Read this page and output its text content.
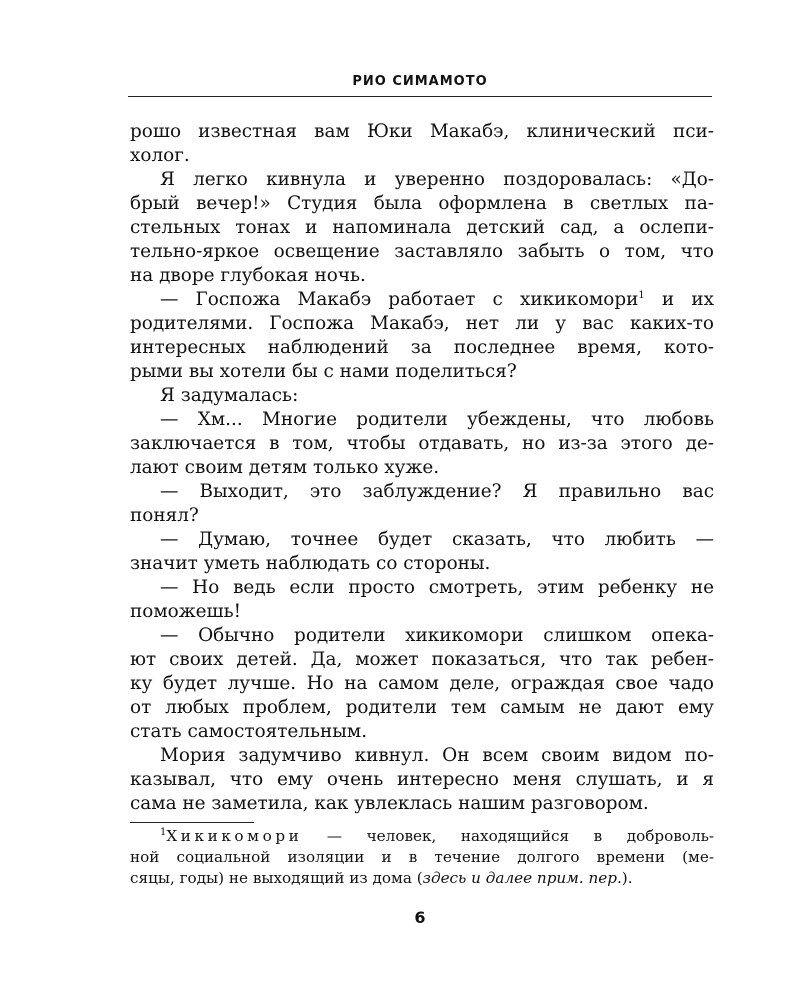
РИО СИМАМОТО
рошо известная вам Юки Макабэ, клинический пси-
холог.
Я легко кивнула и уверенно поздоровалась: «До-
брый вечер!» Студия была оформлена в светлых па-
стельных тонах и напоминала детский сад, а ослепи-
тельно-яркое освещение заставляло забыть о том, что
на дворе глубокая ночь.
— Госпожа Макабэ работает с хикикомори$^1$ и их
родителями. Госпожа Макабэ, нет ли у вас каких-то
интересных наблюдений за последнее время, кото-
рыми вы хотели бы с нами поделиться?
Я задумалась:
— Хм... Многие родители убеждены, что любовь
заключается в том, чтобы отдавать, но из-за этого де-
лают своим детям только хуже.
— Выходит, это заблуждение? Я правильно вас
понял?
— Думаю, точнее будет сказать, что любить —
значит уметь наблюдать со стороны.
— Но ведь если просто смотреть, этим ребенку не
поможешь!
— Обычно родители хикикомори слишком опека-
ют своих детей. Да, может показаться, что так ребен-
ку будет лучше. Но на самом деле, ограждая свое чадо
от любых проблем, родители тем самым не дают ему
стать самостоятельным.
Мория задумчиво кивнул. Он всем своим видом по-
казывал, что ему очень интересно меня слушать, и я
сама не заметила, как увлеклась нашим разговором.
$^1$Хикикомори — человек, находящийся в доброволь-
ной социальной изоляции и в течение долгого времени (ме-
сяцы, годы) не выходящий из дома (здесь и далее прим. пер.).
6
